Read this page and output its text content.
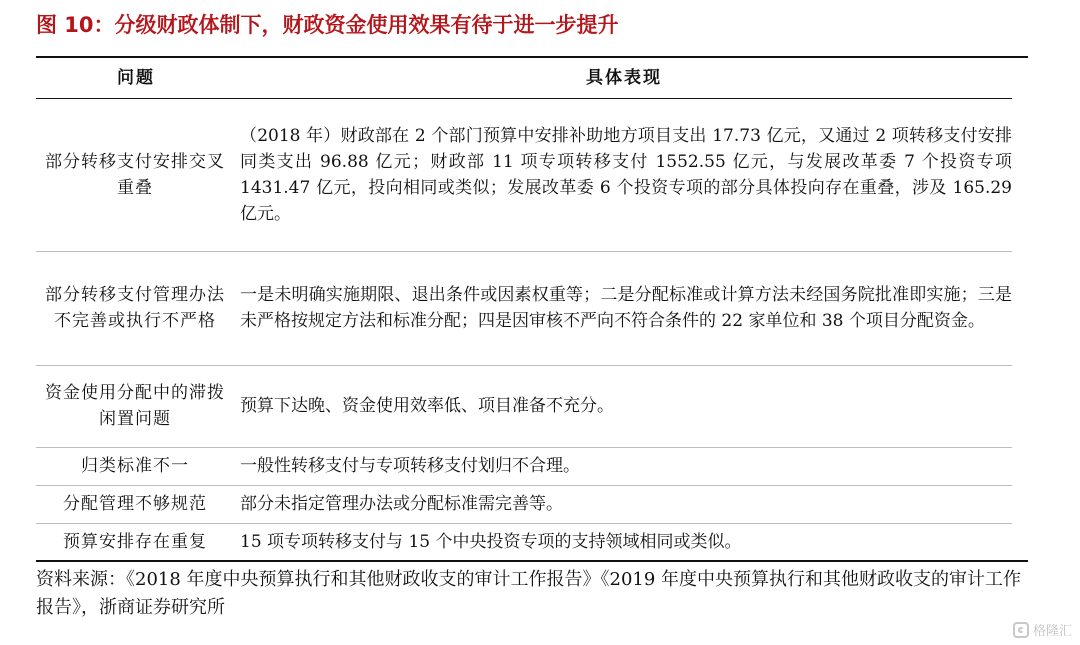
图 10：分级财政体制下，财政资金使用效果有待于进一步提升
问题	具体表现
部分转移支付安排交叉重叠
（2018 年）财政部在 2 个部门预算中安排补助地方项目支出 17.73 亿元，又通过 2 项转移支付安排同类支出 96.88 亿元；财政部 11 项专项转移支付 1552.55 亿元，与发展改革委 7 个投资专项 1431.47 亿元，投向相同或类似；发展改革委 6 个投资专项的部分具体投向存在重叠，涉及 165.29 亿元。
部分转移支付管理办法不完善或执行不严格
一是未明确实施期限、退出条件或因素权重等；二是分配标准或计算方法未经国务院批准即实施；三是未严格按规定方法和标准分配；四是因审核不严向不符合条件的 22 家单位和 38 个项目分配资金。
资金使用分配中的滞拨闲置问题
预算下达晚、资金使用效率低、项目准备不充分。
归类标准不一	一般性转移支付与专项转移支付划归不合理。
分配管理不够规范 部分未指定管理办法或分配标准需完善等。
预算安排存在重复 15 项专项转移支付与 15 个中央投资专项的支持领域相同或类似。
资料来源：《2018 年度中央预算执行和其他财政收支的审计工作报告》《2019 年度中央预算执行和其他财政收支的审计工作报告》，浙商证券研究所
格隆汇
